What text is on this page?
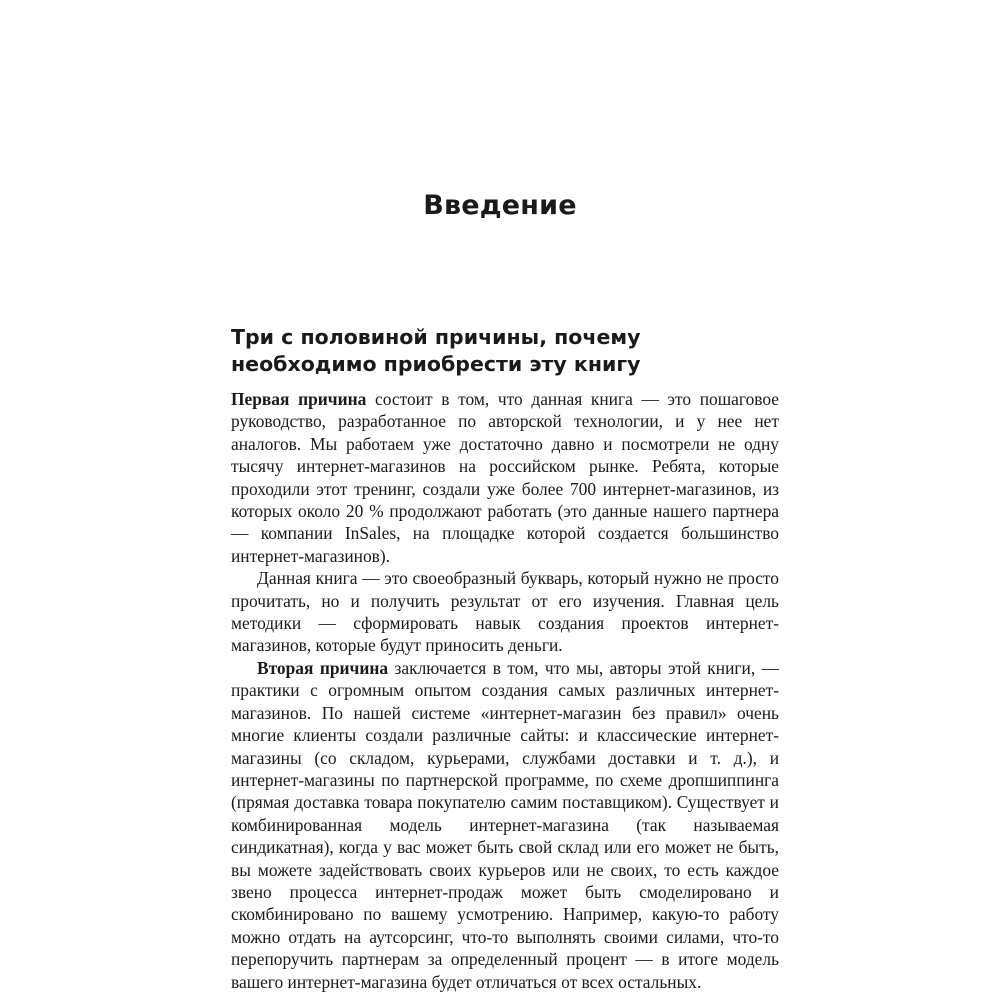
Введение
Три с половиной причины, почему необходимо приобрести эту книгу

Первая причина состоит в том, что данная книга — это пошаговое руководство, разработанное по авторской технологии, и у нее нет аналогов. Мы работаем уже достаточно давно и посмотрели не одну тысячу интернет-магазинов на российском рынке. Ребята, которые проходили этот тренинг, создали уже более 700 интернет-магазинов, из которых около 20 % продолжают работать (это данные нашего партнера — компании InSales, на площадке которой создается большинство интернет-магазинов).

Данная книга — это своеобразный букварь, который нужно не просто прочитать, но и получить результат от его изучения. Главная цель методики — сформировать навык создания проектов интернет-магазинов, которые будут приносить деньги.

Вторая причина заключается в том, что мы, авторы этой книги, — практики с огромным опытом создания самых различных интернет-магазинов. По нашей системе «интернет-магазин без правил» очень многие клиенты создали различные сайты: и классические интернет-магазины (со складом, курьерами, службами доставки и т. д.), и интернет-магазины по партнерской программе, по схеме дропшиппинга (прямая доставка товара покупателю самим поставщиком). Существует и комбинированная модель интернет-магазина (так называемая синдикатная), когда у вас может быть свой склад или его может не быть, вы можете задействовать своих курьеров или не своих, то есть каждое звено процесса интернет-продаж может быть смоделировано и скомбинировано по вашему усмотрению. Например, какую-то работу можно отдать на аутсорсинг, что-то выполнять своими силами, что-то перепоручить партнерам за определенный процент — в итоге модель вашего интернет-магазина будет отличаться от всех остальных.
